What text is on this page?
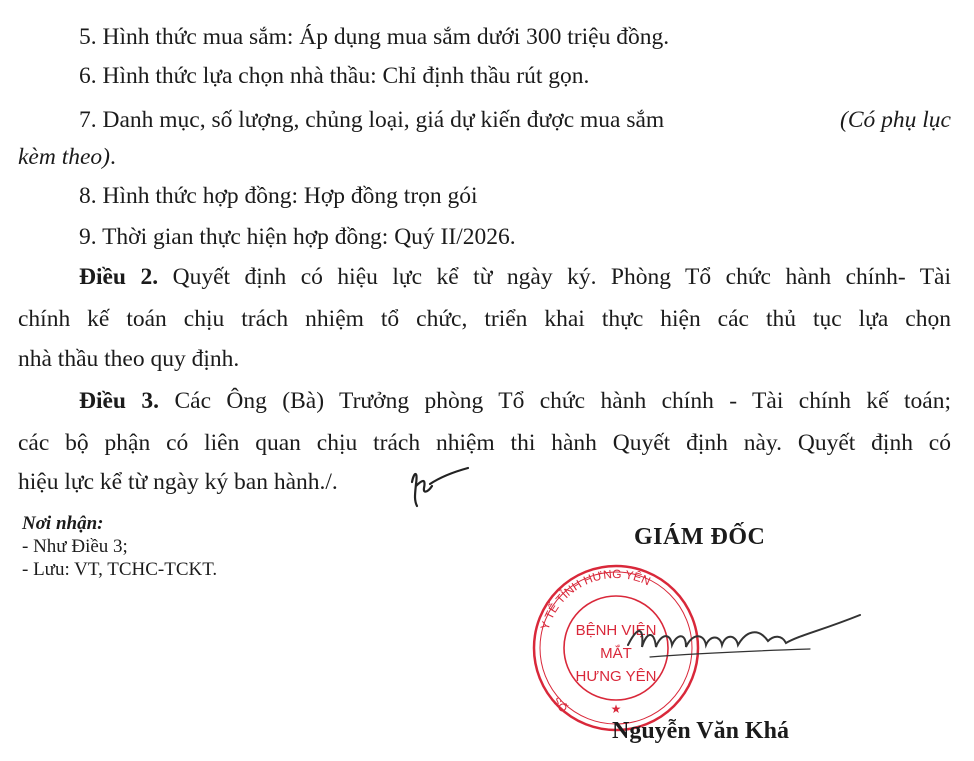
5. Hình thức mua sắm: Áp dụng mua sắm dưới 300 triệu đồng.
6. Hình thức lựa chọn nhà thầu: Chỉ định thầu rút gọn.
7. Danh mục, số lượng, chủng loại, giá dự kiến được mua sắm	(Có phụ lục
kèm theo).
8. Hình thức hợp đồng: Hợp đồng trọn gói
9. Thời gian thực hiện hợp đồng: Quý II/2026.
Điều 2. Quyết định có hiệu lực kể từ ngày ký. Phòng Tổ chức hành chính- Tài
chính kế toán chịu trách nhiệm tổ chức, triển khai thực hiện các thủ tục lựa chọn
nhà thầu theo quy định.
Điều 3. Các Ông (Bà) Trưởng phòng Tổ chức hành chính - Tài chính kế toán;
các bộ phận có liên quan chịu trách nhiệm thi hành Quyết định này. Quyết định có
hiệu lực kể từ ngày ký ban hành./.
Nơi nhận:
- Như Điều 3;
- Lưu: VT, TCHC-TCKT.
GIÁM ĐỐC
Y TẾ TỈNH HƯNG YÊN
BỆNH VIỆN
MẮT
HƯNG YÊN
SỐ	★
Nguyễn Văn Khá
